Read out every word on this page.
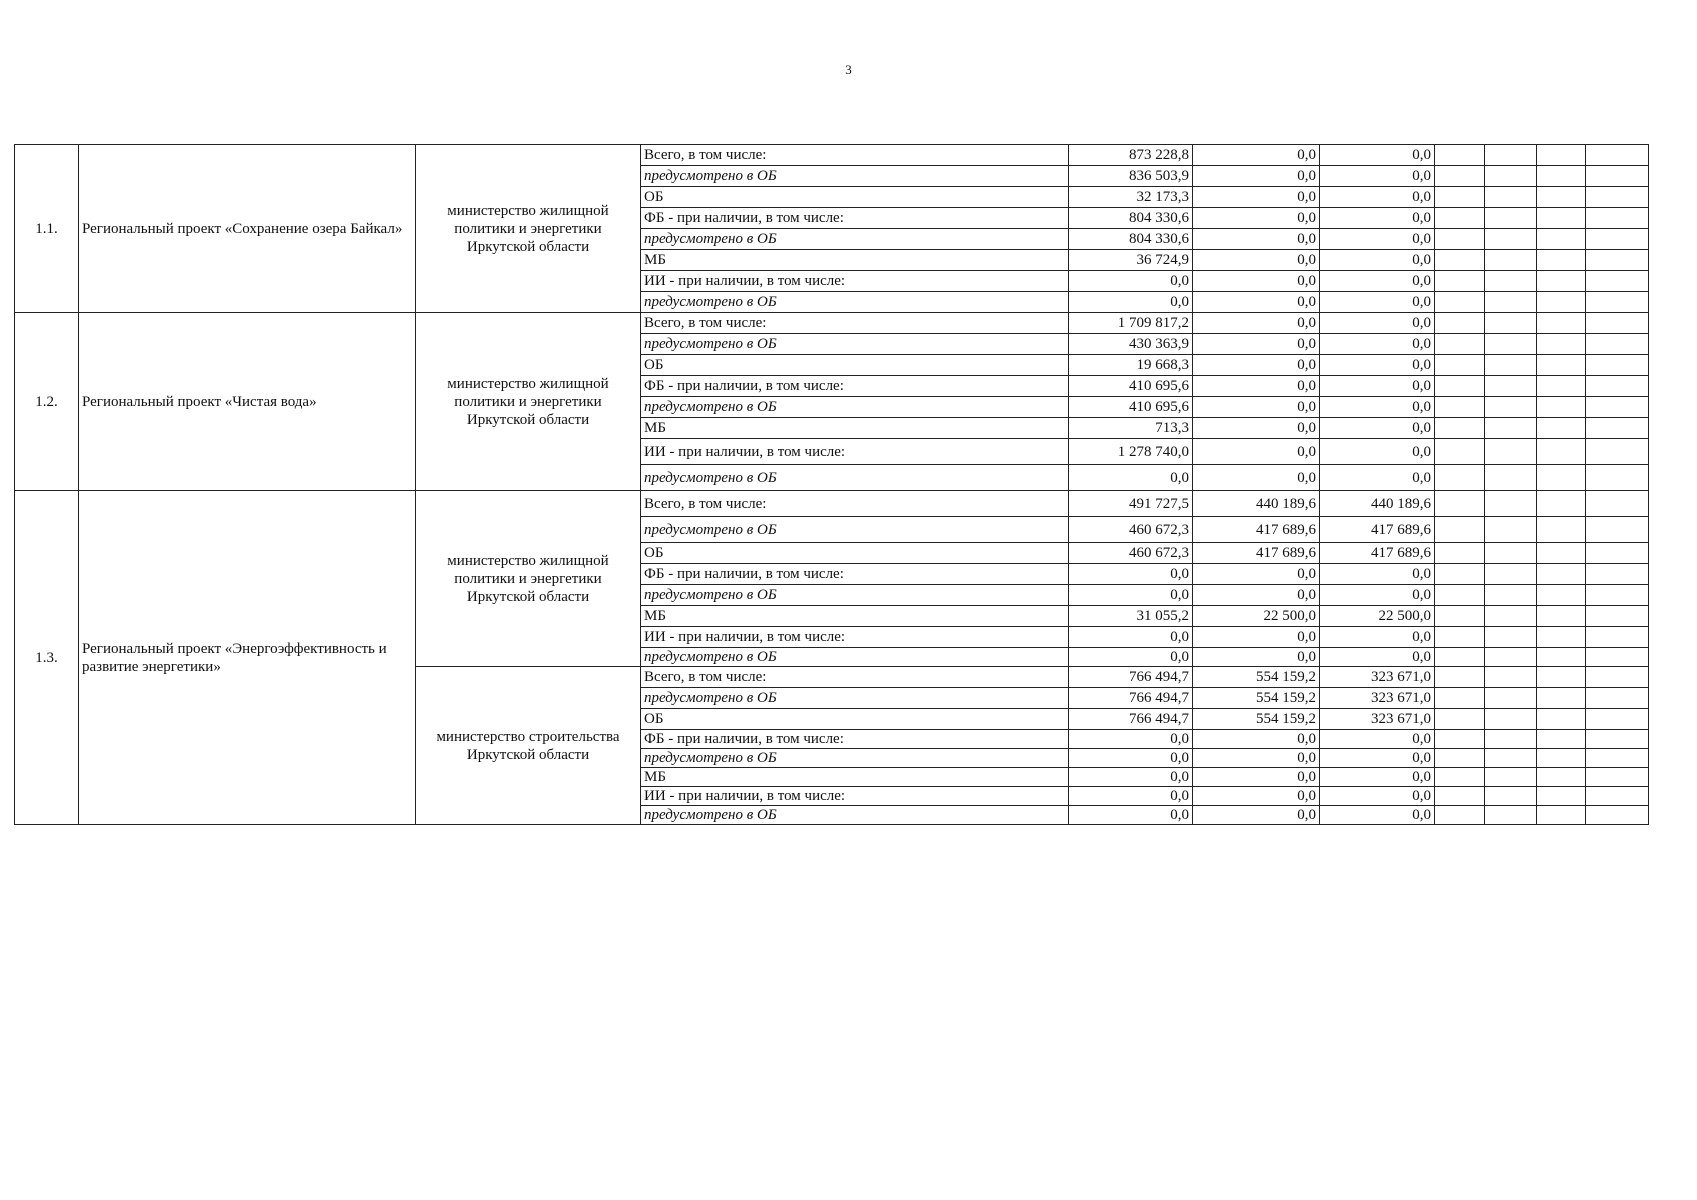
3
1.1.	Региональный проект «Сохранение озера Байкал»	министерство жилищной политики и энергетики Иркутской области	Всего, в том числе:	873 228,8	0,0	0,0				
			предусмотрено в ОБ	836 503,9	0,0	0,0				
			ОБ	32 173,3	0,0	0,0				
			ФБ - при наличии, в том числе:	804 330,6	0,0	0,0				
			предусмотрено в ОБ	804 330,6	0,0	0,0				
			МБ	36 724,9	0,0	0,0				
			ИИ - при наличии, в том числе:	0,0	0,0	0,0				
			предусмотрено в ОБ	0,0	0,0	0,0				
1.2.	Региональный проект «Чистая вода»	министерство жилищной политики и энергетики Иркутской области	Всего, в том числе:	1 709 817,2	0,0	0,0				
			предусмотрено в ОБ	430 363,9	0,0	0,0				
			ОБ	19 668,3	0,0	0,0				
			ФБ - при наличии, в том числе:	410 695,6	0,0	0,0				
			предусмотрено в ОБ	410 695,6	0,0	0,0				
			МБ	713,3	0,0	0,0				
			ИИ - при наличии, в том числе:	1 278 740,0	0,0	0,0				
			предусмотрено в ОБ	0,0	0,0	0,0				
1.3.	Региональный проект «Энергоэффективность и развитие энергетики»	министерство жилищной политики и энергетики Иркутской области	Всего, в том числе:	491 727,5	440 189,6	440 189,6				
			предусмотрено в ОБ	460 672,3	417 689,6	417 689,6				
			ОБ	460 672,3	417 689,6	417 689,6				
			ФБ - при наличии, в том числе:	0,0	0,0	0,0				
			предусмотрено в ОБ	0,0	0,0	0,0				
			МБ	31 055,2	22 500,0	22 500,0				
			ИИ - при наличии, в том числе:	0,0	0,0	0,0				
			предусмотрено в ОБ	0,0	0,0	0,0				
		министерство строительства Иркутской области	Всего, в том числе:	766 494,7	554 159,2	323 671,0				
			предусмотрено в ОБ	766 494,7	554 159,2	323 671,0				
			ОБ	766 494,7	554 159,2	323 671,0				
			ФБ - при наличии, в том числе:	0,0	0,0	0,0				
			предусмотрено в ОБ	0,0	0,0	0,0				
			МБ	0,0	0,0	0,0				
			ИИ - при наличии, в том числе:	0,0	0,0	0,0				
			предусмотрено в ОБ	0,0	0,0	0,0				
